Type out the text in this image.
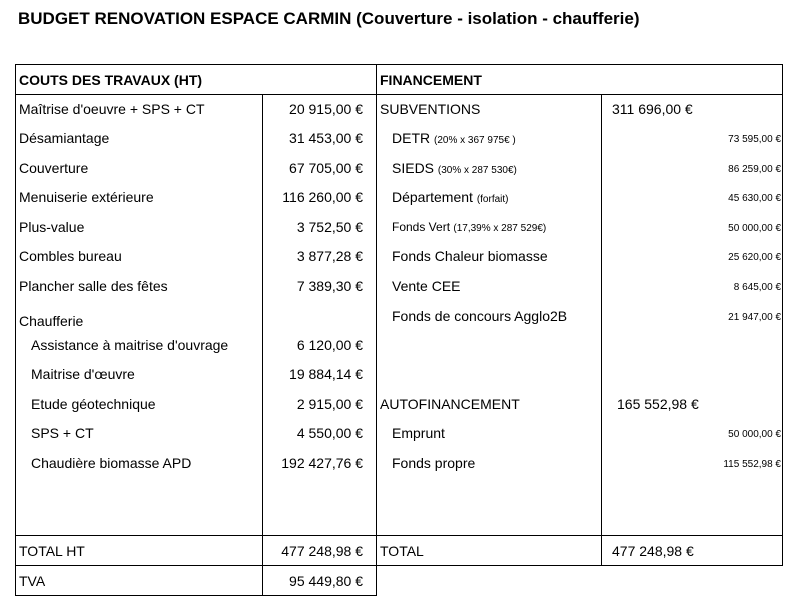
BUDGET RENOVATION ESPACE CARMIN (Couverture - isolation - chaufferie)
COUTS DES TRAVAUX (HT)	FINANCEMENT
Maîtrise d'oeuvre + SPS + CT	20 915,00 €
Désamiantage	31 453,00 €
Couverture	67 705,00 €
Menuiserie extérieure	116 260,00 €
Plus-value	3 752,50 €
Combles bureau	3 877,28 €
Plancher salle des fêtes	7 389,30 €
Chaufferie
Assistance à maitrise d'ouvrage	6 120,00 €
Maitrise d'œuvre	19 884,14 €
Etude géotechnique	2 915,00 €
SPS + CT	4 550,00 €
Chaudière biomasse APD	192 427,76 €
TOTAL HT	477 248,98 €
TVA	95 449,80 €
SUBVENTIONS	311 696,00 €
DETR (20% x 367 975€ )	73 595,00 €
SIEDS (30% x 287 530€)	86 259,00 €
Département (forfait)	45 630,00 €
Fonds Vert (17,39% x 287 529€)	50 000,00 €
Fonds Chaleur biomasse	25 620,00 €
Vente CEE	8 645,00 €
Fonds de concours Agglo2B	21 947,00 €
AUTOFINANCEMENT	165 552,98 €
Emprunt	50 000,00 €
Fonds propre	115 552,98 €
TOTAL	477 248,98 €
